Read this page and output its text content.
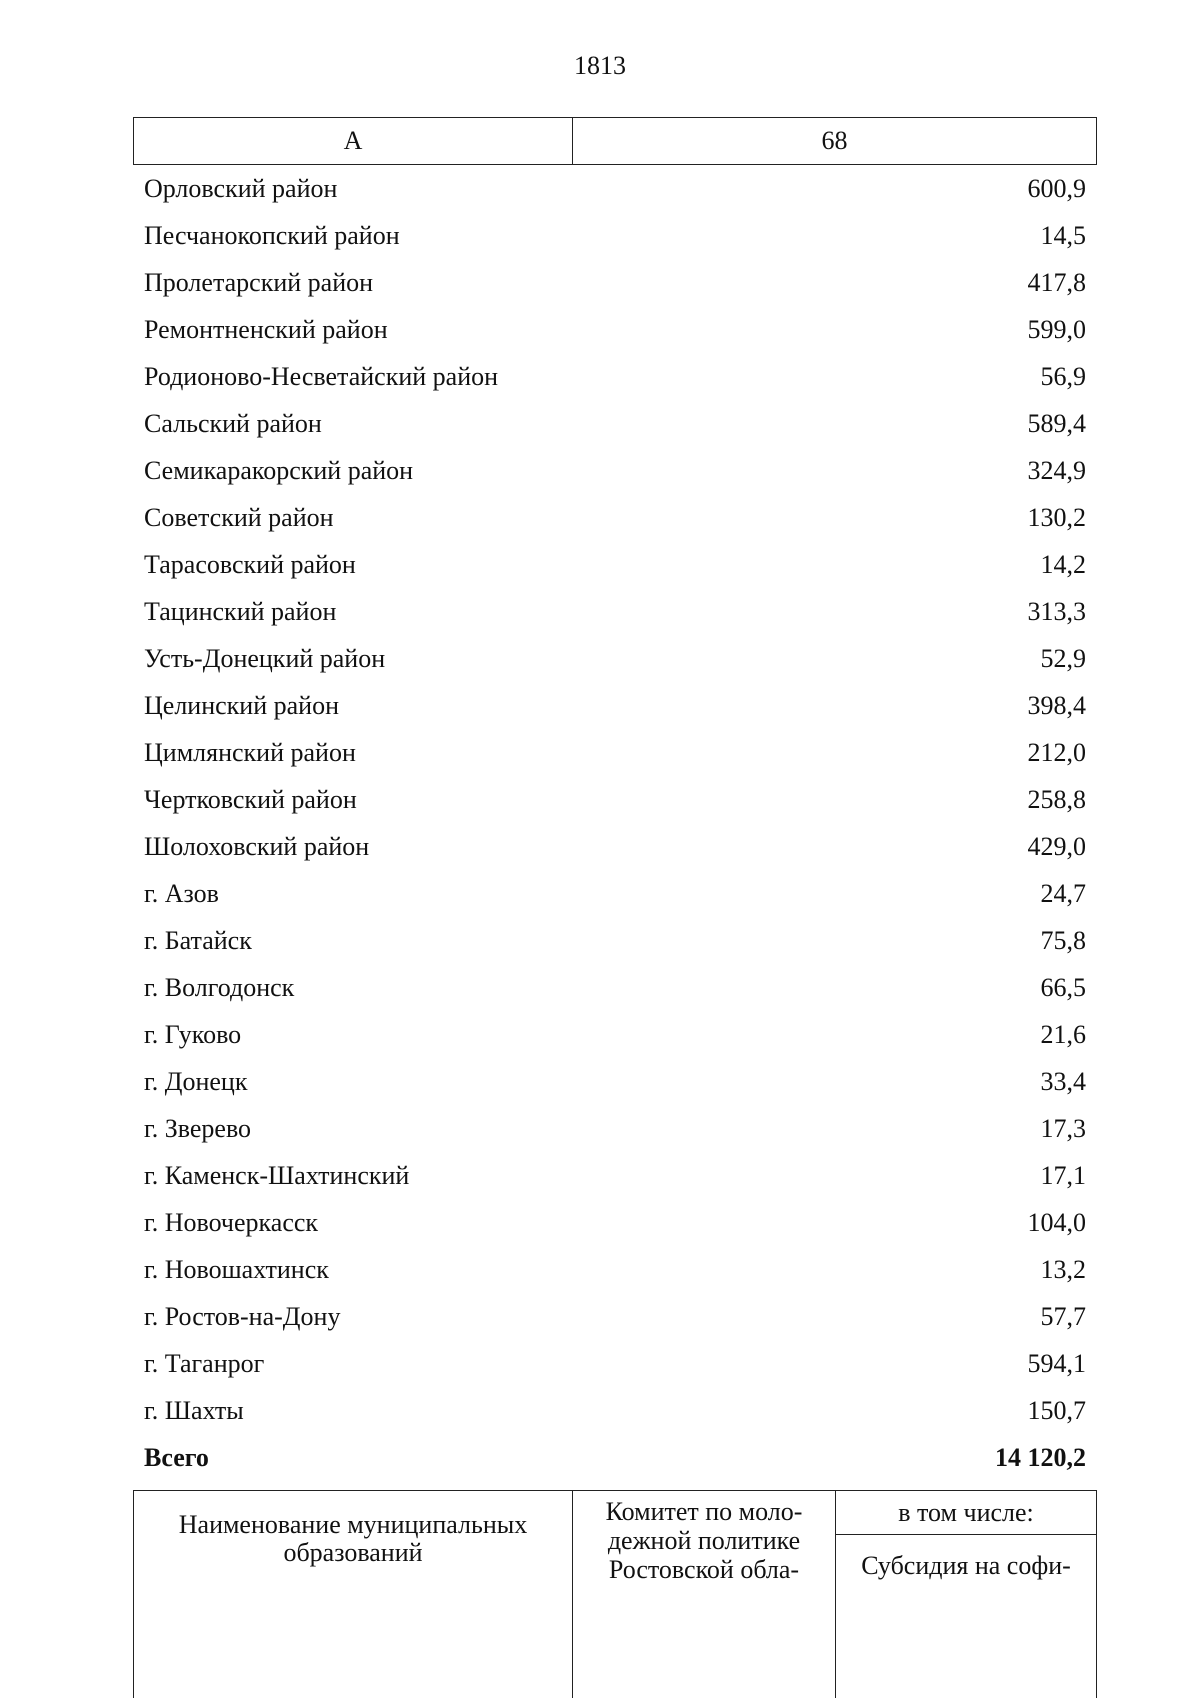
1813
А	68
Орловский район	600,9
Песчанокопский район	14,5
Пролетарский район	417,8
Ремонтненский район	599,0
Родионово-Несветайский район	56,9
Сальский район	589,4
Семикаракорский район	324,9
Советский район	130,2
Тарасовский район	14,2
Тацинский район	313,3
Усть-Донецкий район	52,9
Целинский район	398,4
Цимлянский район	212,0
Чертковский район	258,8
Шолоховский район	429,0
г. Азов	24,7
г. Батайск	75,8
г. Волгодонск	66,5
г. Гуково	21,6
г. Донецк	33,4
г. Зверево	17,3
г. Каменск-Шахтинский	17,1
г. Новочеркасск	104,0
г. Новошахтинск	13,2
г. Ростов-на-Дону	57,7
г. Таганрог	594,1
г. Шахты	150,7
Всего	14 120,2
Наименование муниципальных образований
Комитет по моло-дежной политике Ростовской обла-
в том числе:
Субсидия на софи-
